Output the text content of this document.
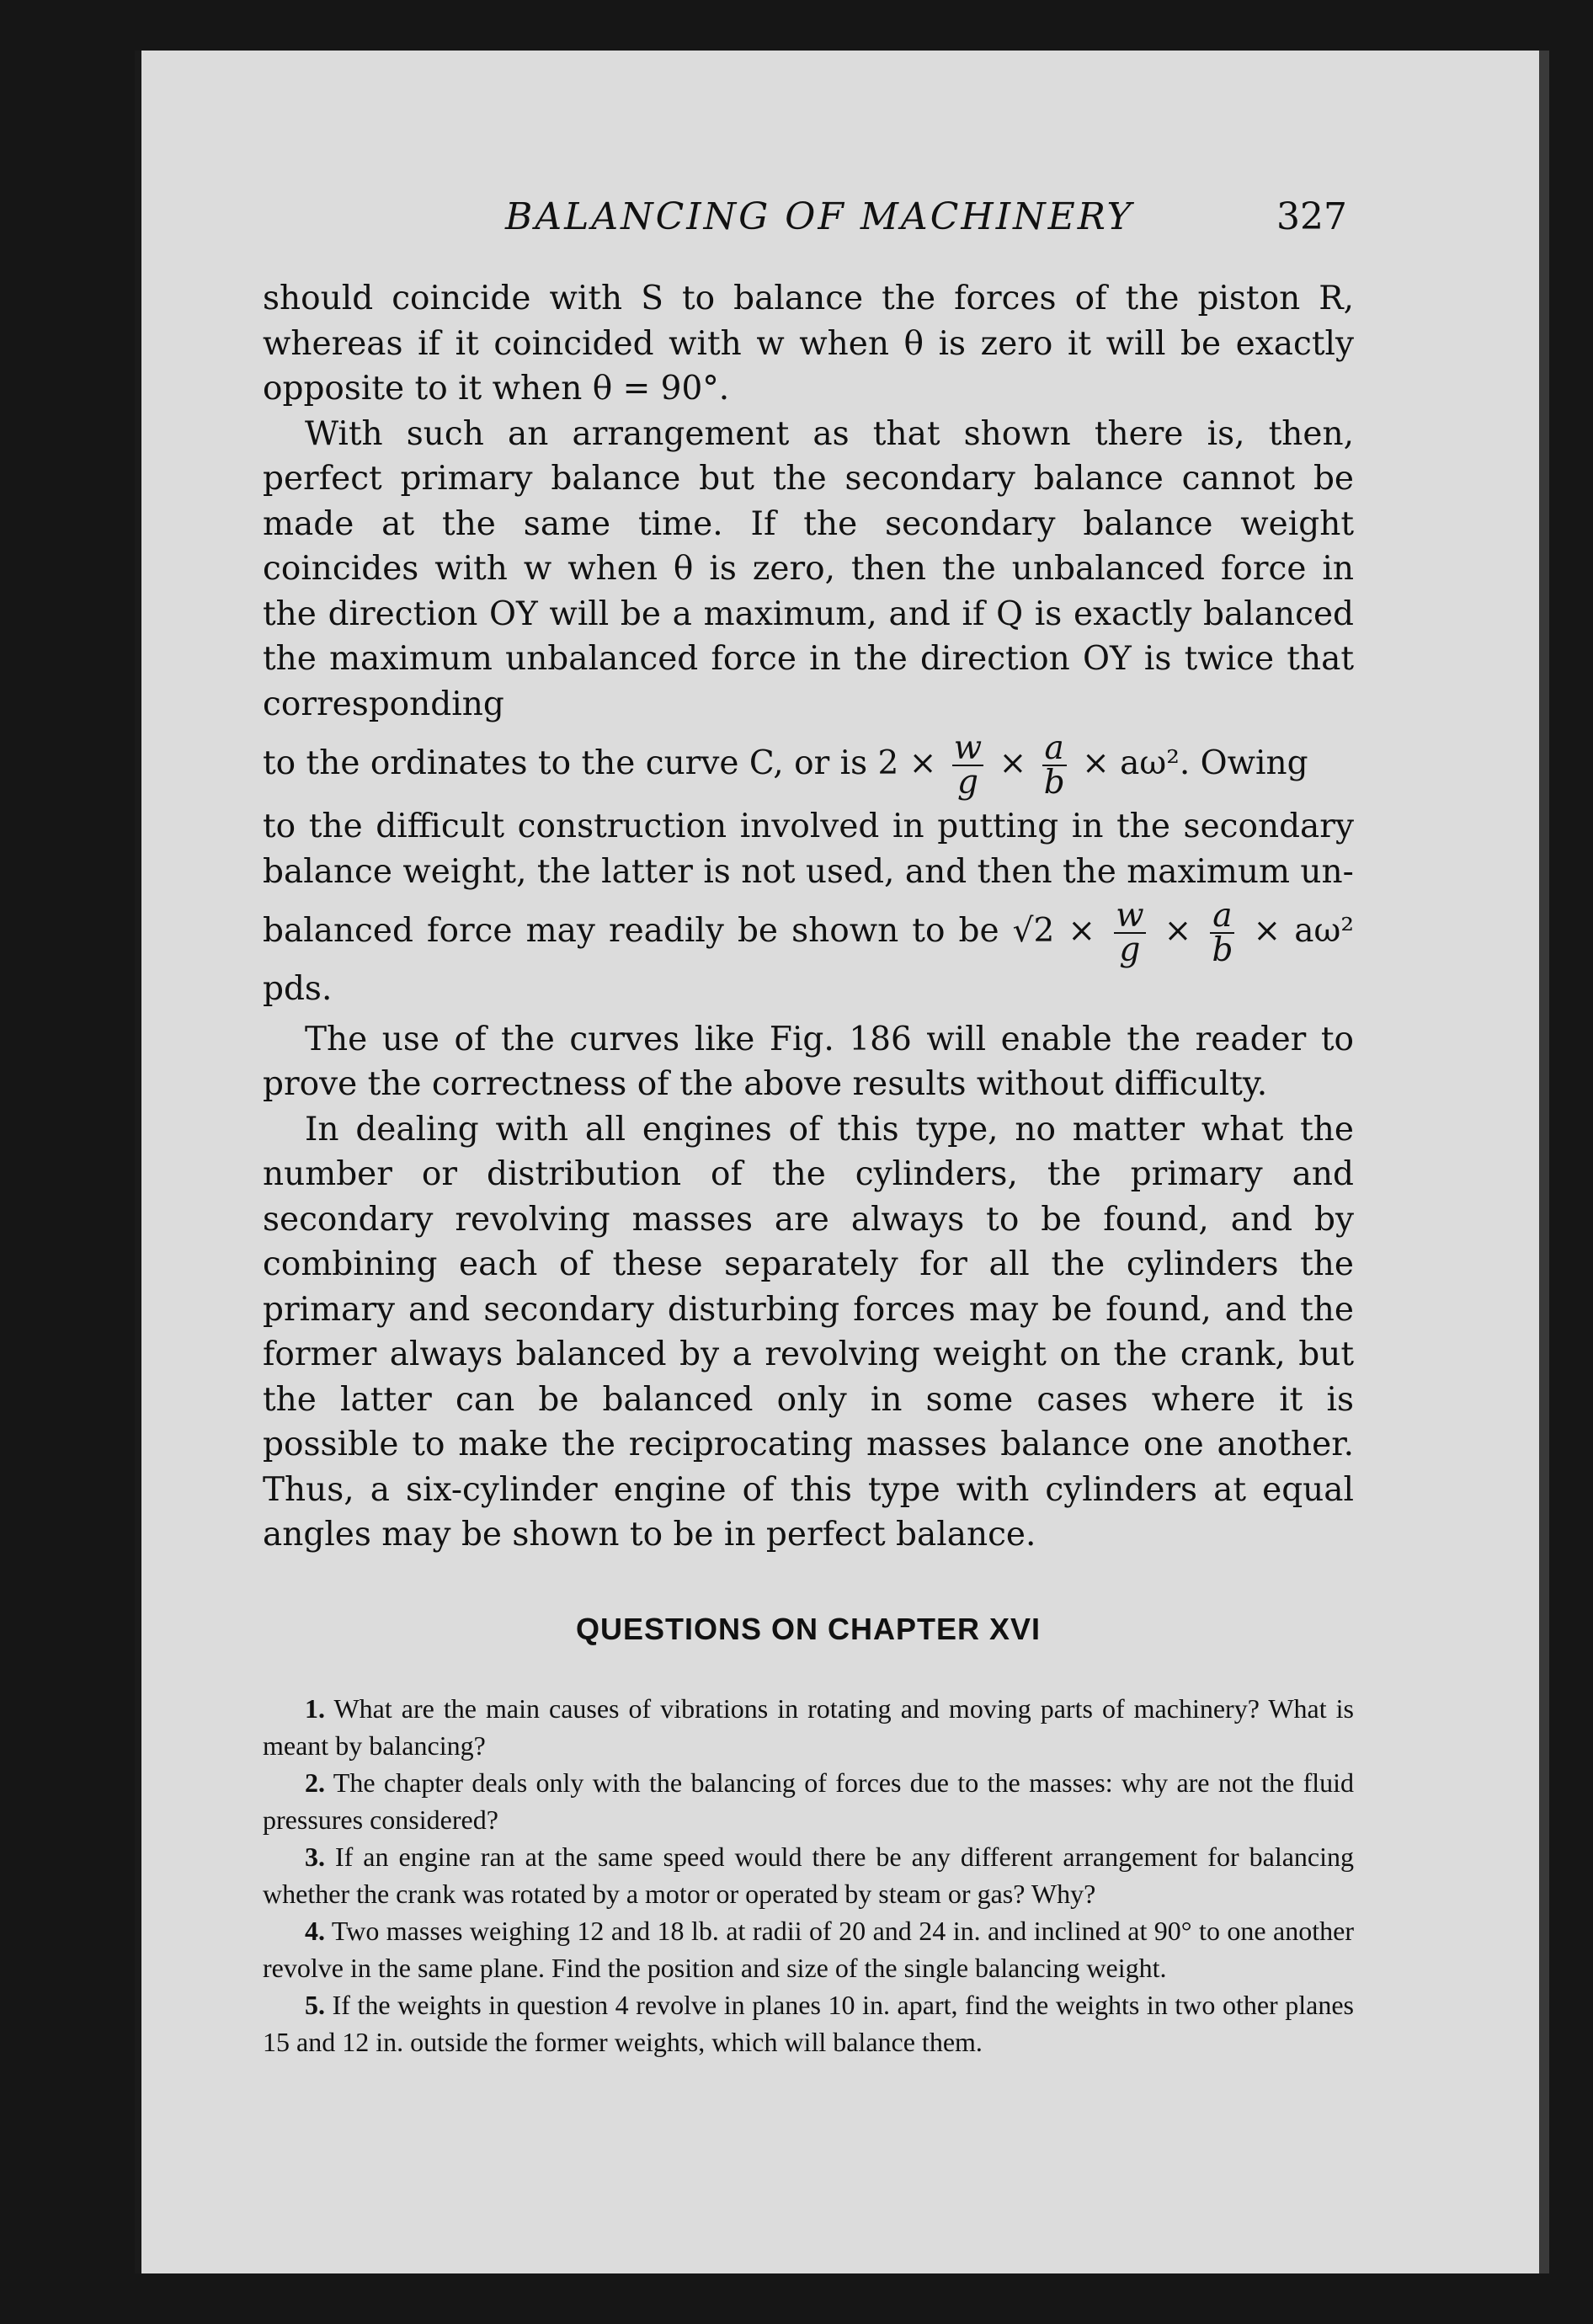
BALANCING OF MACHINERY	327

should coincide with S to balance the forces of the piston R, whereas if it coincided with w when θ is zero it will be exactly opposite to it when θ = 90°.

With such an arrangement as that shown there is, then, perfect primary balance but the secondary balance cannot be made at the same time. If the secondary balance weight coincides with w when θ is zero, then the unbalanced force in the direction OY will be a maximum, and if Q is exactly balanced the maximum unbalanced force in the direction OY is twice that corresponding

to the ordinates to the curve C, or is $2 \times \frac{w}{g} \times \frac{a}{b} \times a\omega^2$. Owing

to the difficult construction involved in putting in the secondary balance weight, the latter is not used, and then the maximum un-

balanced force may readily be shown to be $√2 \times \frac{w}{g} \times \frac{a}{b} \times a\omega^2$ pds.

The use of the curves like Fig. 186 will enable the reader to prove the correctness of the above results without difficulty.

In dealing with all engines of this type, no matter what the number or distribution of the cylinders, the primary and secondary revolving masses are always to be found, and by combining each of these separately for all the cylinders the primary and secondary disturbing forces may be found, and the former always balanced by a revolving weight on the crank, but the latter can be balanced only in some cases where it is possible to make the reciprocating masses balance one another. Thus, a six-cylinder engine of this type with cylinders at equal angles may be shown to be in perfect balance.

QUESTIONS ON CHAPTER XVI

1. What are the main causes of vibrations in rotating and moving parts of machinery? What is meant by balancing?

2. The chapter deals only with the balancing of forces due to the masses: why are not the fluid pressures considered?

3. If an engine ran at the same speed would there be any different arrangement for balancing whether the crank was rotated by a motor or operated by steam or gas? Why?

4. Two masses weighing 12 and 18 lb. at radii of 20 and 24 in. and inclined at 90° to one another revolve in the same plane. Find the position and size of the single balancing weight.

5. If the weights in question 4 revolve in planes 10 in. apart, find the weights in two other planes 15 and 12 in. outside the former weights, which will balance them.
